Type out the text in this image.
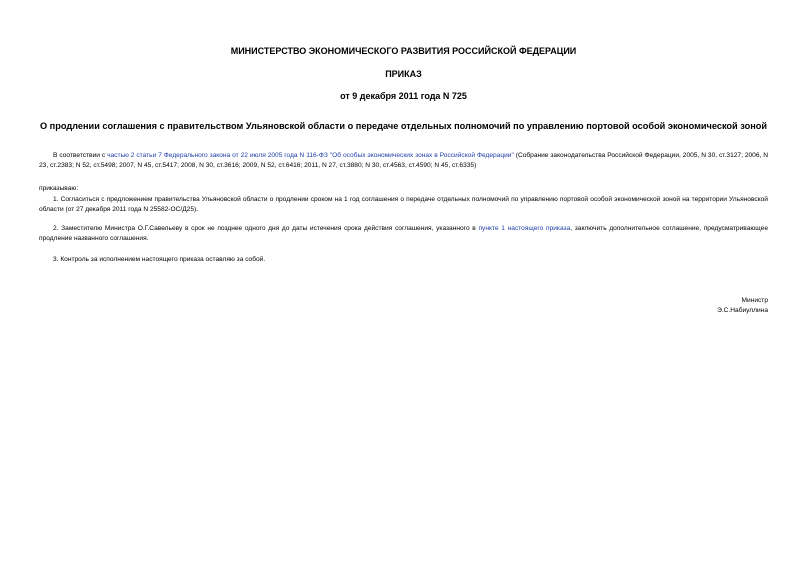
МИНИСТЕРСТВО ЭКОНОМИЧЕСКОГО РАЗВИТИЯ РОССИЙСКОЙ ФЕДЕРАЦИИ
ПРИКАЗ
от 9 декабря 2011 года N 725
О продлении соглашения с правительством Ульяновской области о передаче отдельных полномочий по управлению портовой особой экономической зоной
В соответствии с частью 2 статьи 7 Федерального закона от 22 июля 2005 года N 116-ФЗ "Об особых экономических зонах в Российской Федерации" (Собрание законодательства Российской Федерации, 2005, N 30, ст.3127; 2006, N 23, ст.2383; N 52, ст.5498; 2007, N 45, ст.5417; 2008, N 30, ст.3616; 2009, N 52, ст.6416; 2011, N 27, ст.3880; N 30, ст.4563, ст.4590; N 45, ст.6335)
приказываю:
1. Согласиться с предложением правительства Ульяновской области о продлении сроком на 1 год соглашения о передаче отдельных полномочий по управлению портовой особой экономической зоной на территории Ульяновской области (от 27 декабря 2011 года N 25582-ОС/Д25).
2. Заместителю Министра О.Г.Савельеву в срок не позднее одного дня до даты истечения срока действия соглашения, указанного в пункте 1 настоящего приказа, заключить дополнительное соглашение, предусматривающее продление названного соглашения.
3. Контроль за исполнением настоящего приказа оставляю за собой.
Министр
Э.С.Набиуллина
